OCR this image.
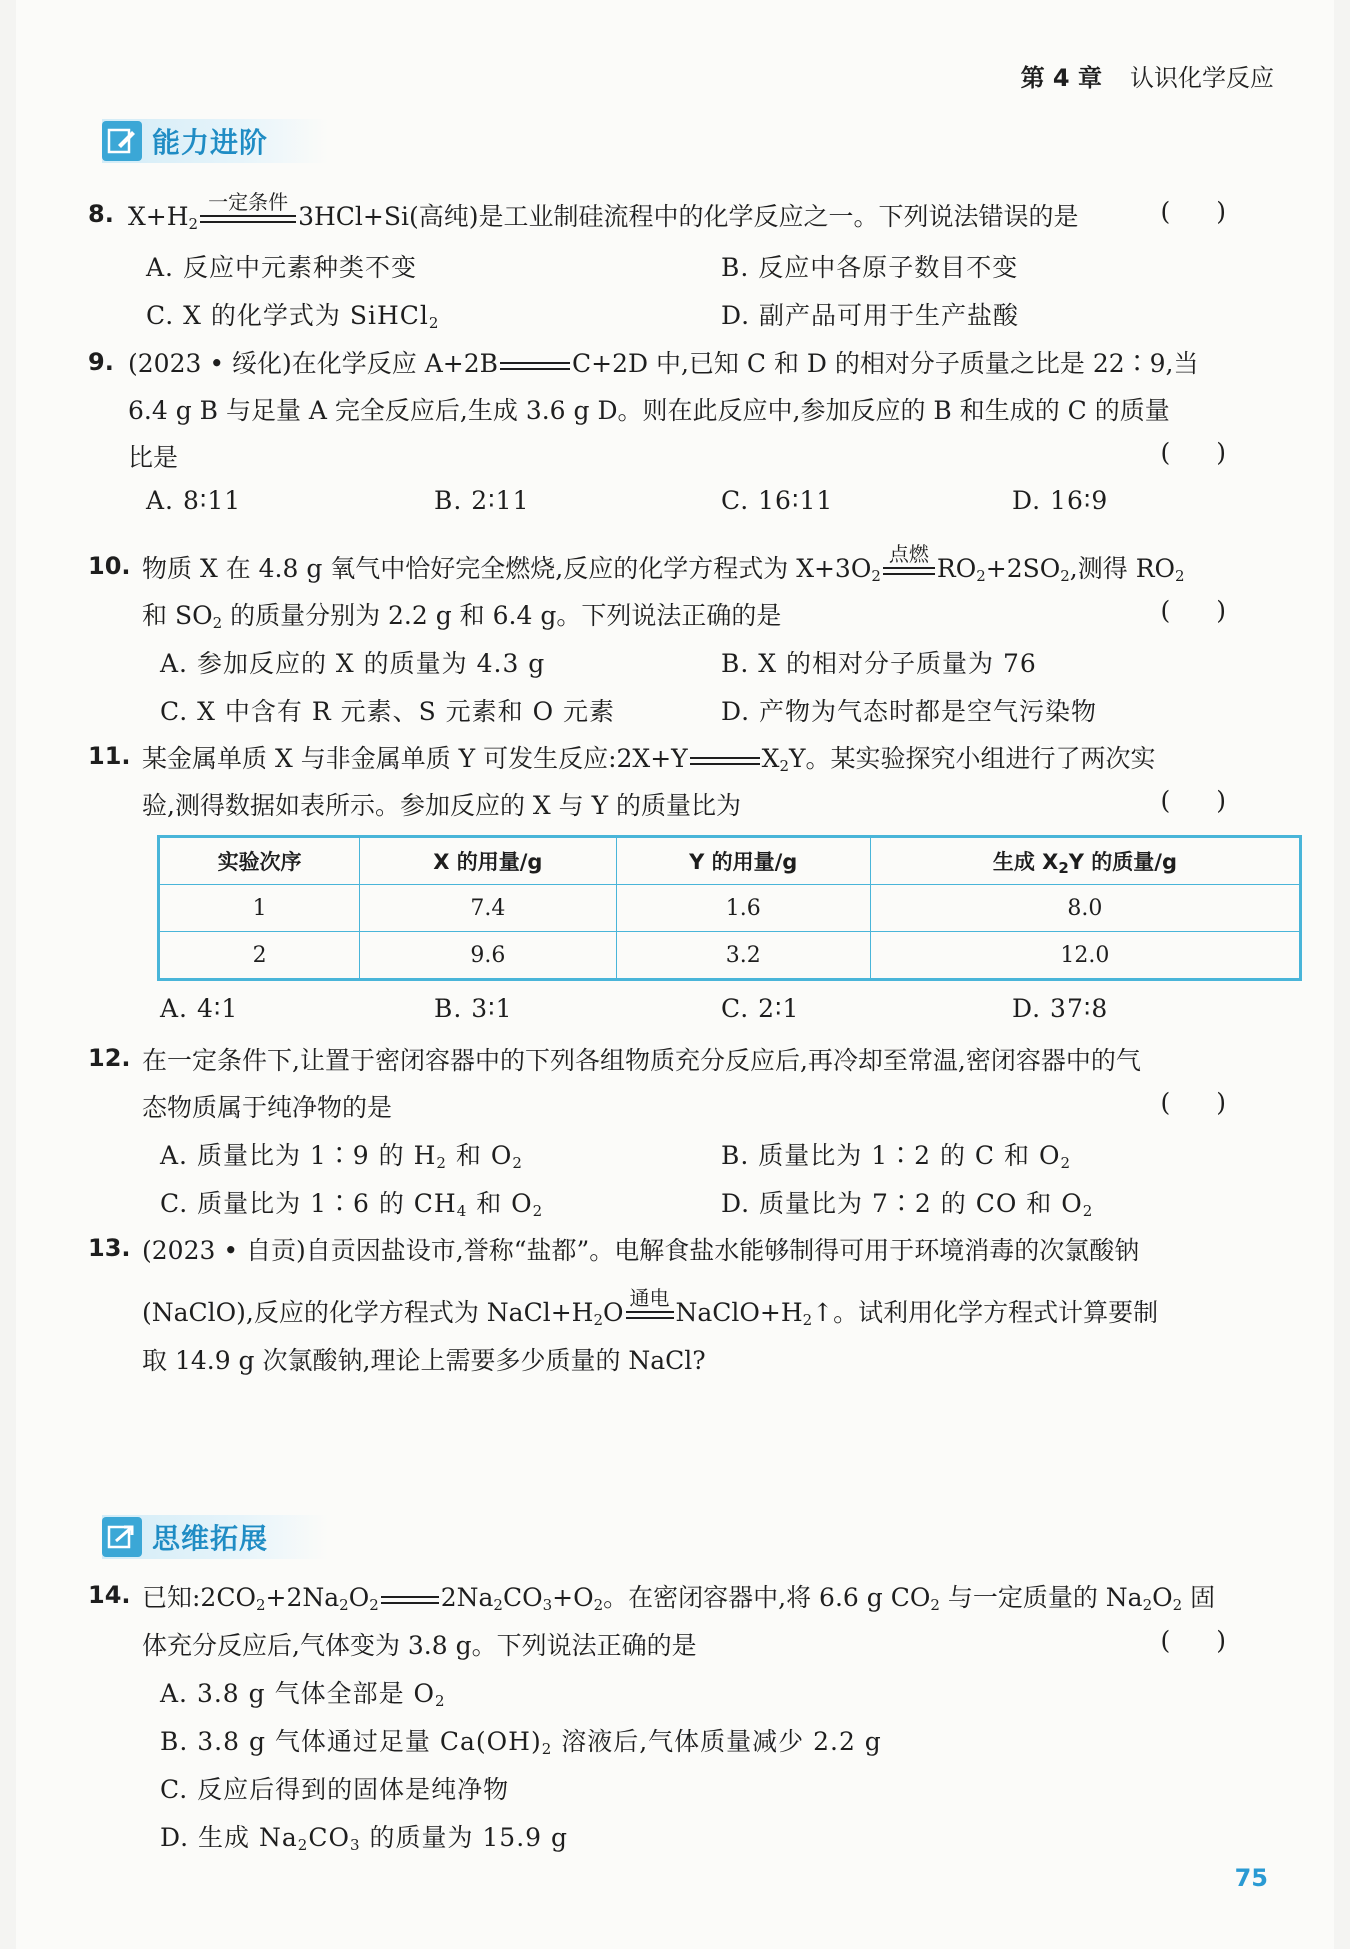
第 4 章 认识化学反应
能力进阶
8. $X+H_2$
一定条件
3HCl+Si(高纯)是工业制硅流程中的化学反应之一。下列说法错误的是	()
A. 反应中元素种类不变	B. 反应中各原子数目不变
C. X 的化学式为 SiHCl$_2$	D. 副产品可用于生产盐酸
9. (2023 • 绥化)在化学反应 A+2B	C+2D 中,已知 C 和 D 的相对分子质量之比是 22∶9,当
6.4 g B 与足量 A 完全反应后,生成 3.6 g D。则在此反应中,参加反应的 B 和生成的 C 的质量
比是	()
A. 8∶11	B. 2∶11	C. 16∶11	D. 16∶9
10. 物质 X 在 4.8 g 氧气中恰好完全燃烧,反应的化学方程式为 $X+3O_2$
点燃
$RO_2+2SO_2$,测得 $RO_2$
和 $SO_2$ 的质量分别为 2.2 g 和 6.4 g。下列说法正确的是	()
A. 参加反应的 X 的质量为 4.3 g	B. X 的相对分子质量为 76
C. X 中含有 R 元素、S 元素和 O 元素	D. 产物为气态时都是空气污染物
11. 某金属单质 X 与非金属单质 Y 可发生反应:2X+Y	$X_2Y$。某实验探究小组进行了两次实
验,测得数据如表所示。参加反应的 X 与 Y 的质量比为	()
实验次序	X 的用量/g	Y 的用量/g	生成 $X_2Y$ 的质量/g
1	7.4	1.6	8.0
2	9.6	3.2	12.0
A. 4∶1	B. 3∶1	C. 2∶1	D. 37∶8
12. 在一定条件下,让置于密闭容器中的下列各组物质充分反应后,再冷却至常温,密闭容器中的气
态物质属于纯净物的是	()
A. 质量比为 1∶9 的 $H_2$ 和 $O_2$	B. 质量比为 1∶2 的 C 和 $O_2$
C. 质量比为 1∶6 的 $CH_4$ 和 $O_2$	D. 质量比为 7∶2 的 CO 和 $O_2$
13. (2023 • 自贡)自贡因盐设市,誉称“盐都”。电解食盐水能够制得可用于环境消毒的次氯酸钠
(NaClO),反应的化学方程式为 $NaCl+H_2O$
通电
$NaClO+H_2↑$。试利用化学方程式计算要制
取 14.9 g 次氯酸钠,理论上需要多少质量的 NaCl?
思维拓展
14. 已知$:2CO_2+2Na_2O_2$ $2Na_2CO_3+O_2$。在密闭容器中,将 6.6 g $CO_2$ 与一定质量的 $Na_2O_2$ 固
体充分反应后,气体变为 3.8 g。下列说法正确的是	()
A. 3.8 g 气体全部是 $O_2$
B. 3.8 g 气体通过足量 $Ca(OH)_2$ 溶液后,气体质量减少 2.2 g
C. 反应后得到的固体是纯净物
D. 生成 $Na_2CO_3$ 的质量为 15.9 g
75
